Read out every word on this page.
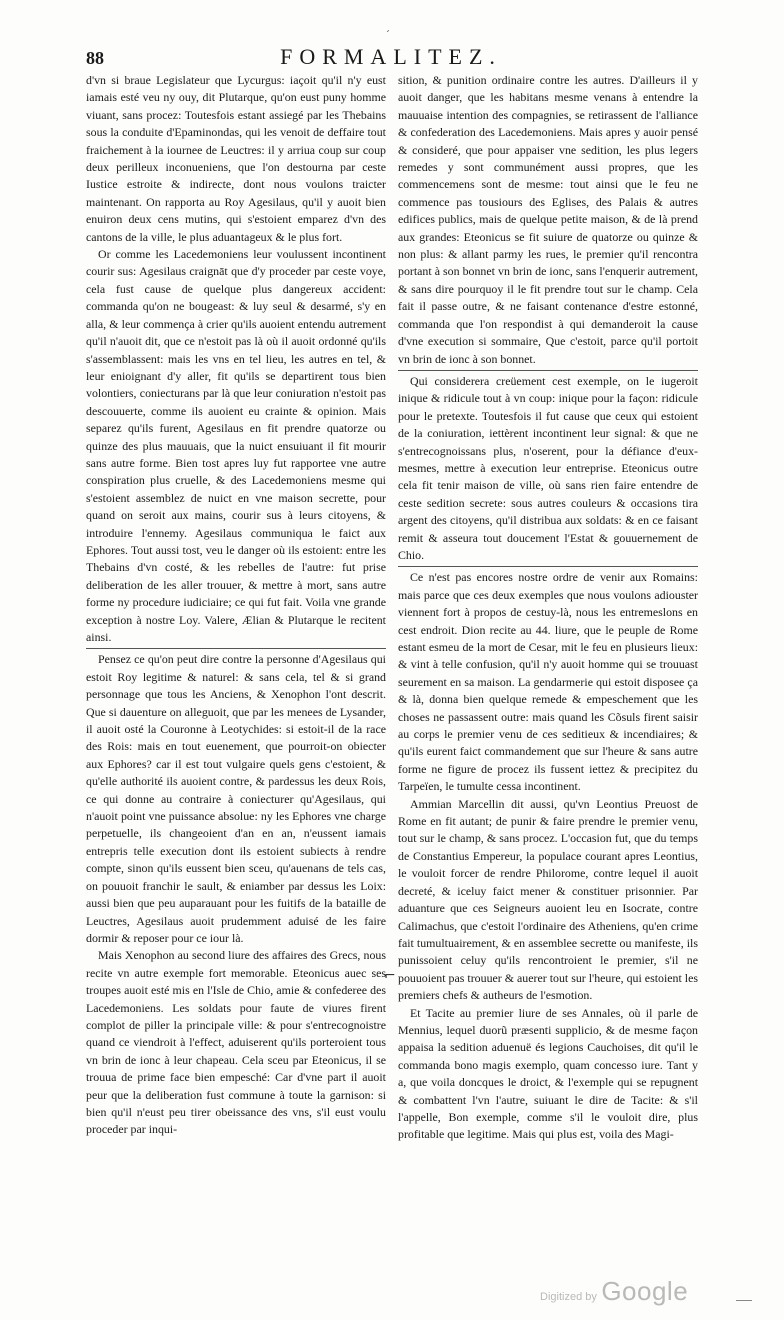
´
88	FORMALITEZ.

d'vn si braue Legislateur que Lycurgus: iaçoit qu'il n'y eust iamais esté veu ny ouy, dit Plutarque, qu'on eust puny homme viuant, sans procez: Toutesfois estant assiegé par les Thebains sous la conduite d'Epaminondas, qui les venoit de deffaire tout fraichement à la iournee de Leuctres: il y arriua coup sur coup deux perilleux inconueniens, que l'on destourna par ceste Iustice estroite & indirecte, dont nous voulons traicter maintenant. On rapporta au Roy Agesilaus, qu'il y auoit bien enuiron deux cens mutins, qui s'estoient emparez d'vn des cantons de la ville, le plus aduantageux & le plus fort.

Or comme les Lacedemoniens leur voulussent incontinent courir sus: Agesilaus craignāt que d'y proceder par ceste voye, cela fust cause de quelque plus dangereux accident: commanda qu'on ne bougeast: & luy seul & desarmé, s'y en alla, & leur commença à crier qu'ils auoient entendu autrement qu'il n'auoit dit, que ce n'estoit pas là où il auoit ordonné qu'ils s'assemblassent: mais les vns en tel lieu, les autres en tel, & leur enioignant d'y aller, fit qu'ils se departirent tous bien volontiers, coniecturans par là que leur coniuration n'estoit pas descouuerte, comme ils auoient eu crainte & opinion. Mais separez qu'ils furent, Agesilaus en fit prendre quatorze ou quinze des plus mauuais, que la nuict ensuiuant il fit mourir sans autre forme. Bien tost apres luy fut rapportee vne autre conspiration plus cruelle, & des Lacedemoniens mesme qui s'estoient assemblez de nuict en vne maison secrette, pour quand on seroit aux mains, courir sus à leurs citoyens, & introduire l'ennemy. Agesilaus communiqua le faict aux Ephores. Tout aussi tost, veu le danger où ils estoient: entre les Thebains d'vn costé, & les rebelles de l'autre: fut prise deliberation de les aller trouuer, & mettre à mort, sans autre forme ny procedure iudiciaire; ce qui fut fait. Voila vne grande exception à nostre Loy. Valere, Ælian & Plutarque le recitent ainsi.

Pensez ce qu'on peut dire contre la personne d'Agesilaus qui estoit Roy legitime & naturel: & sans cela, tel & si grand personnage que tous les Anciens, & Xenophon l'ont descrit. Que si dauenture on alleguoit, que par les menees de Lysander, il auoit osté la Couronne à Leotychides: si estoit-il de la race des Rois: mais en tout euenement, que pourroit-on obiecter aux Ephores? car il est tout vulgaire quels gens c'estoient, & qu'elle authorité ils auoient contre, & pardessus les deux Rois, ce qui donne au contraire à coniecturer qu'Agesilaus, qui n'auoit point vne puissance absolue: ny les Ephores vne charge perpetuelle, ils changeoient d'an en an, n'eussent iamais entrepris telle execution dont ils estoient subiects à rendre compte, sinon qu'ils eussent bien sceu, qu'auenans de tels cas, on pouuoit franchir le sault, & eniamber par dessus les Loix: aussi bien que peu auparauant pour les fuitifs de la bataille de Leuctres, Agesilaus auoit prudemment aduisé de les faire dormir & reposer pour ce iour là.

Mais Xenophon au second liure des affaires des Grecs, nous recite vn autre exemple fort memorable. Eteonicus auec ses troupes auoit esté mis en l'Isle de Chio, amie & confederee des Lacedemoniens. Les soldats pour faute de viures firent complot de piller la principale ville: & pour s'entrecognoistre quand ce viendroit à l'effect, aduiserent qu'ils porteroient tous vn brin de ionc à leur chapeau. Cela sceu par Eteonicus, il se trouua de prime face bien empesché: Car d'vne part il auoit peur que la deliberation fust commune à toute la garnison: si bien qu'il n'eust peu tirer obeissance des vns, s'il eust voulu proceder par inqui-

sition, & punition ordinaire contre les autres. D'ailleurs il y auoit danger, que les habitans mesme venans à entendre la mauuaise intention des compagnies, se retirassent de l'alliance & confederation des Lacedemoniens. Mais apres y auoir pensé & consideré, que pour appaiser vne sedition, les plus legers remedes y sont communément aussi propres, que les commencemens sont de mesme: tout ainsi que le feu ne commence pas tousiours des Eglises, des Palais & autres edifices publics, mais de quelque petite maison, & de là prend aux grandes: Eteonicus se fit suiure de quatorze ou quinze & non plus: & allant parmy les rues, le premier qu'il rencontra portant à son bonnet vn brin de ionc, sans l'enquerir autrement, & sans dire pourquoy il le fit prendre tout sur le champ. Cela fait il passe outre, & ne faisant contenance d'estre estonné, commanda que l'on respondist à qui demanderoit la cause d'vne execution si sommaire, Que c'estoit, parce qu'il portoit vn brin de ionc à son bonnet.

Qui considerera creüement cest exemple, on le iugeroit inique & ridicule tout à vn coup: inique pour la façon: ridicule pour le pretexte. Toutesfois il fut cause que ceux qui estoient de la coniuration, iettèrent incontinent leur signal: & que ne s'entrecognoissans plus, n'oserent, pour la défiance d'eux-mesmes, mettre à execution leur entreprise. Eteonicus outre cela fit tenir maison de ville, où sans rien faire entendre de ceste sedition secrete: sous autres couleurs & occasions tira argent des citoyens, qu'il distribua aux soldats: & en ce faisant remit & asseura tout doucement l'Estat & gouuernement de Chio.

Ce n'est pas encores nostre ordre de venir aux Romains: mais parce que ces deux exemples que nous voulons adiouster viennent fort à propos de cestuy-là, nous les entremeslons en cest endroit. Dion recite au 44. liure, que le peuple de Rome estant esmeu de la mort de Cesar, mit le feu en plusieurs lieux: & vint à telle confusion, qu'il n'y auoit homme qui se trouuast seurement en sa maison. La gendarmerie qui estoit disposee ça & là, donna bien quelque remede & empeschement que les choses ne passassent outre: mais quand les Cõsuls firent saisir au corps le premier venu de ces seditieux & incendiaires; & qu'ils eurent faict commandement que sur l'heure & sans autre forme ne figure de procez ils fussent iettez & precipitez du Tarpeïen, le tumulte cessa incontinent.

Ammian Marcellin dit aussi, qu'vn Leontius Preuost de Rome en fit autant; de punir & faire prendre le premier venu, tout sur le champ, & sans procez. L'occasion fut, que du temps de Constantius Empereur, la populace courant apres Leontius, le vouloit forcer de rendre Philorome, contre lequel il auoit decreté, & iceluy faict mener & constituer prisonnier. Par aduanture que ces Seigneurs auoient leu en Isocrate, contre Calimachus, que c'estoit l'ordinaire des Atheniens, qu'en crime fait tumultuairement, & en assemblee secrette ou manifeste, ils punissoient celuy qu'ils rencontroient le premier, s'il ne pouuoient pas trouuer & auerer tout sur l'heure, qui estoient les premiers chefs & autheurs de l'esmotion.

Et Tacite au premier liure de ses Annales, où il parle de Mennius, lequel duorũ præsenti supplicio, & de mesme façon appaisa la sedition aduenuë és legions Cauchoises, dit qu'il le commanda bono magis exemplo, quam concesso iure. Tant y a, que voila doncques le droict, & l'exemple qui se repugnent & combattent l'vn l'autre, suiuant le dire de Tacite: & s'il l'appelle, Bon exemple, comme s'il le vouloit dire, plus profitable que legitime. Mais qui plus est, voila des Magi-

⌐
Digitized by Google
